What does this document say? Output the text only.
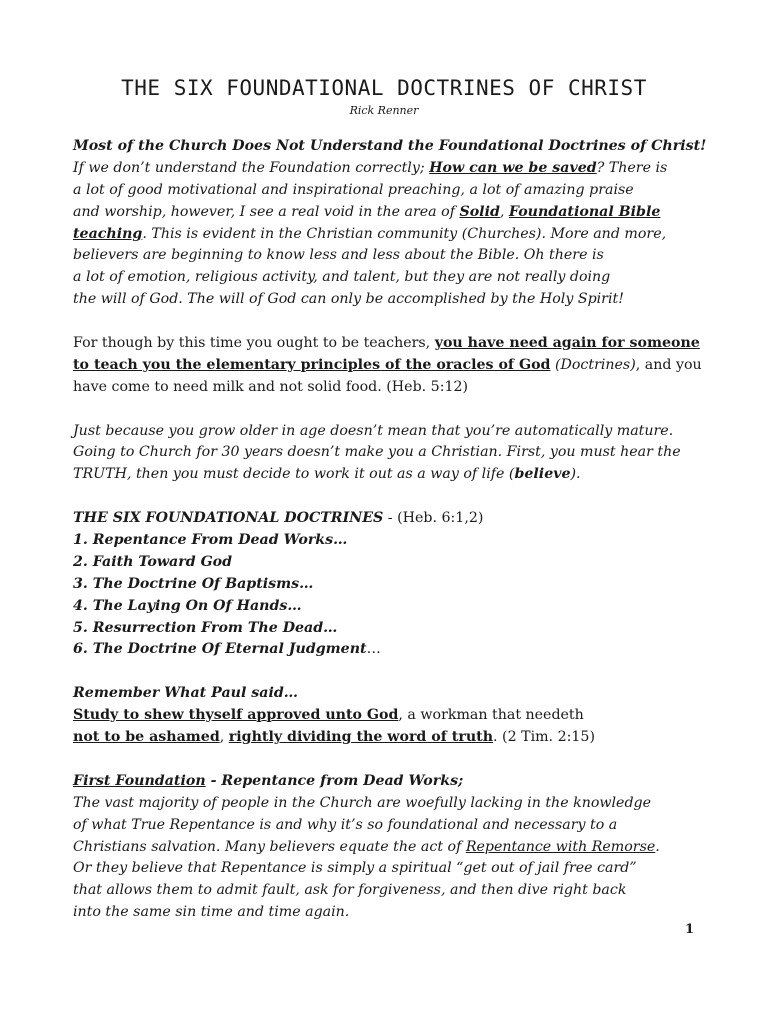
THE SIX FOUNDATIONAL DOCTRINES OF CHRIST

Rick Renner

Most of the Church Does Not Understand the Foundational Doctrines of Christ!
If we don’t understand the Foundation correctly; How can we be saved? There is
a lot of good motivational and inspirational preaching, a lot of amazing praise
and worship, however, I see a real void in the area of Solid, Foundational Bible
teaching. This is evident in the Christian community (Churches). More and more,
believers are beginning to know less and less about the Bible. Oh there is
a lot of emotion, religious activity, and talent, but they are not really doing
the will of God. The will of God can only be accomplished by the Holy Spirit!
For though by this time you ought to be teachers, you have need again for someone
to teach you the elementary principles of the oracles of God (Doctrines), and you
have come to need milk and not solid food. (Heb. 5:12)
Just because you grow older in age doesn’t mean that you’re automatically mature.
Going to Church for 30 years doesn’t make you a Christian. First, you must hear the
TRUTH, then you must decide to work it out as a way of life (believe).
THE SIX FOUNDATIONAL DOCTRINES - (Heb. 6:1,2)
1. Repentance From Dead Works…
2. Faith Toward God
3. The Doctrine Of Baptisms…
4. The Laying On Of Hands…
5. Resurrection From The Dead…
6. The Doctrine Of Eternal Judgment…
Remember What Paul said…
Study to shew thyself approved unto God, a workman that needeth
not to be ashamed, rightly dividing the word of truth. (2 Tim. 2:15)
First Foundation - Repentance from Dead Works;
The vast majority of people in the Church are woefully lacking in the knowledge
of what True Repentance is and why it’s so foundational and necessary to a
Christians salvation. Many believers equate the act of Repentance with Remorse.
Or they believe that Repentance is simply a spiritual “get out of jail free card”
that allows them to admit fault, ask for forgiveness, and then dive right back
into the same sin time and time again.
1
